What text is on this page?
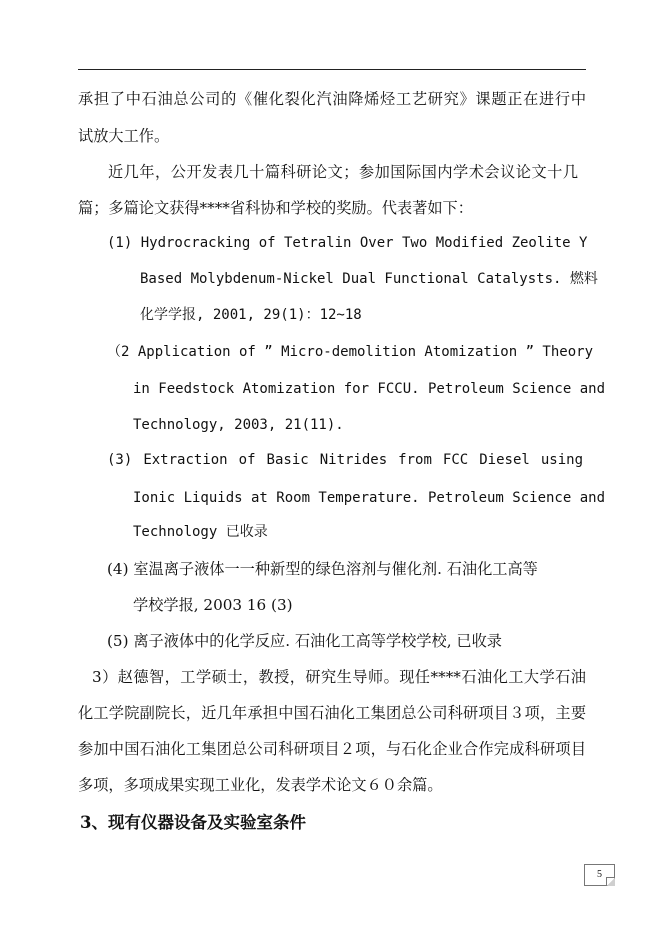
承担了中石油总公司的《催化裂化汽油降烯烃工艺研究》课题正在进行中
试放大工作。
近几年，公开发表几十篇科研论文；参加国际国内学术会议论文十几
篇；多篇论文获得****省科协和学校的奖励。代表著如下：
(1) Hydrocracking of Tetralin Over Two Modified Zeolite Y
Based Molybdenum-Nickel Dual Functional Catalysts. 燃料
化学学报, 2001, 29(1)：12~18
（2 Application of ” Micro-demolition Atomization ” Theory
in Feedstock Atomization for FCCU. Petroleum Science and
Technology, 2003, 21(11).
(3) Extraction of Basic Nitrides from FCC Diesel using
Ionic Liquids at Room Temperature. Petroleum Science and
Technology 已收录
(4) 室温离子液体一一种新型的绿色溶剂与催化剂. 石油化工高等
学校学报, 2003 16 (3)
(5) 离子液体中的化学反应. 石油化工高等学校学校, 已收录
3）赵德智，工学硕士，教授，研究生导师。现任****石油化工大学石油
化工学院副院长，近几年承担中国石油化工集团总公司科研项目３项，主要
参加中国石油化工集团总公司科研项目２项，与石化企业合作完成科研项目
多项，多项成果实现工业化，发表学术论文６０余篇。
3、现有仪器设备及实验室条件
5
